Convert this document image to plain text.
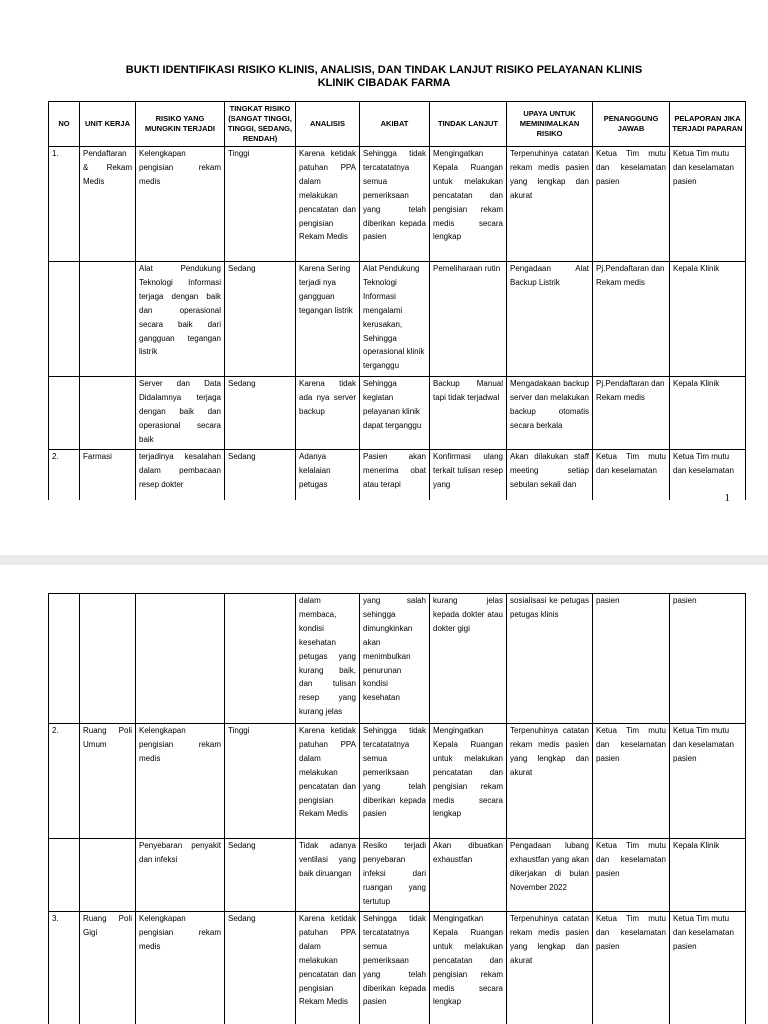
BUKTI IDENTIFIKASI RISIKO KLINIS, ANALISIS, DAN TINDAK LANJUT RISIKO PELAYANAN KLINIS
KLINIK CIBADAK FARMA
NO	UNIT KERJA	RISIKO YANG MUNGKIN TERJADI	TINGKAT RISIKO (SANGAT TINGGI, TINGGI, SEDANG, RENDAH)	ANALISIS	AKIBAT	TINDAK LANJUT	UPAYA UNTUK MEMINIMALKAN RISIKO	PENANGGUNG JAWAB	PELAPORAN JIKA TERJADI PAPARAN
1.	Pendaftaran & Rekam Medis	Kelengkapan pengisian rekam medis	Tinggi	Karena ketidak patuhan PPA dalam melakukan pencatatan dan pengisian Rekam Medis	Sehingga tidak tercatatatnya semua pemeriksaan yang telah diberikan kepada pasien	Mengingatkan Kepala Ruangan untuk melakukan pencatatan dan pengisian rekam medis secara lengkap	Terpenuhinya catatan rekam medis pasien yang lengkap dan akurat	Ketua Tim mutu dan keselamatan pasien	Ketua Tim mutu dan keselamatan pasien
		Alat Pendukung Teknologi Informasi terjaga dengan baik dan operasional secara baik dari gangguan tegangan listrik	Sedang	Karena Sering terjadi nya gangguan tegangan listrik	Alat Pendukung Teknologi Informasi mengalami kerusakan, Sehingga operasional klinik terganggu	Pemeliharaan rutin	Pengadaan Alat Backup Listrik	Pj.Pendaftaran dan Rekam medis	Kepala Klinik
		Server dan Data Didalamnya terjaga dengan baik dan operasional secara baik	Sedang	Karena tidak ada nya server backup	Sehingga kegiatan pelayanan klinik dapat terganggu	Backup Manual tapi tidak terjadwal	Mengadakaan backup server dan melakukan backup otomatis secara berkala	Pj.Pendaftaran dan Rekam medis	Kepala Klinik
2.	Farmasi	terjadinya kesalahan dalam pembacaan resep dokter	Sedang	Adanya kelalaian petugas	Pasien akan menerima obat atau terapi	Konfirmasi ulang terkait tulisan resep yang	Akan dilakukan staff meeting setiap sebulan sekali dan	Ketua Tim mutu dan keselamatan	Ketua Tim mutu dan keselamatan
1
				dalam membaca, kondisi kesehatan petugas yang kurang baik, dan tulisan resep yang kurang jelas	yang salah sehingga dimungkinkan akan menimbulkan penurunan kondisi kesehatan	kurang jelas kepada dokter atau dokter gigi	sosialisasi ke petugas petugas klinis	pasien	pasien
2.	Ruang Poli Umum	Kelengkapan pengisian rekam medis	Tinggi	Karena ketidak patuhan PPA dalam melakukan pencatatan dan pengisian Rekam Medis	Sehingga tidak tercatatatnya semua pemeriksaan yang telah diberikan kepada pasien	Mengingatkan Kepala Ruangan untuk melakukan pencatatan dan pengisian rekam medis secara lengkap	Terpenuhinya catatan rekam medis pasien yang lengkap dan akurat	Ketua Tim mutu dan keselamatan pasien	Ketua Tim mutu dan keselamatan pasien
		Penyebaran penyakit dan infeksi	Sedang	Tidak adanya ventilasi yang baik diruangan	Resiko terjadi penyebaran infeksi dari ruangan yang tertutup	Akan dibuatkan exhaustfan	Pengadaan lubang exhaustfan yang akan dikerjakan di bulan November 2022	Ketua Tim mutu dan keselamatan pasien	Kepala Klinik
3.	Ruang Poli Gigi	Kelengkapan pengisian rekam medis	Sedang	Karena ketidak patuhan PPA dalam melakukan pencatatan dan pengisian Rekam Medis	Sehingga tidak tercatatatnya semua pemeriksaan yang telah diberikan kepada pasien	Mengingatkan Kepala Ruangan untuk melakukan pencatatan dan pengisian rekam medis secara lengkap	Terpenuhinya catatan rekam medis pasien yang lengkap dan akurat	Ketua Tim mutu dan keselamatan pasien	Ketua Tim mutu dan keselamatan pasien
